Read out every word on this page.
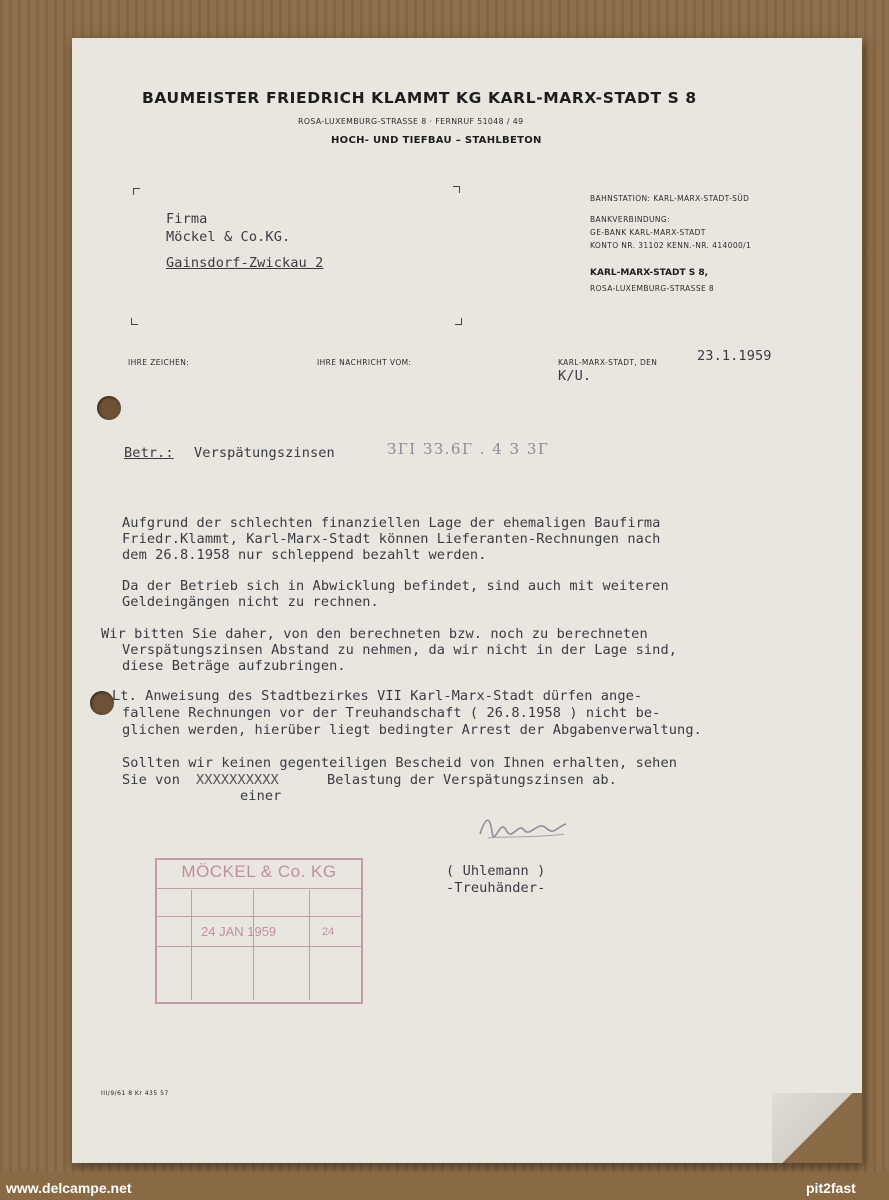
BAUMEISTER FRIEDRICH KLAMMT KG KARL-MARX-STADT S 8
ROSA-LUXEMBURG-STRASSE 8 · FERNRUF 51048 / 49
HOCH- UND TIEFBAU – STAHLBETON
Firma
Möckel & Co.KG.
Gainsdorf-Zwickau 2
BAHNSTATION: KARL-MARX-STADT-SÜD
BANKVERBINDUNG:
GE-BANK KARL-MARX-STADT
KONTO NR. 31102 KENN.-NR. 414000/1
KARL-MARX-STADT S 8,
ROSA-LUXEMBURG-STRASSE 8
IHRE ZEICHEN:	IHRE NACHRICHT VOM:	KARL-MARX-STADT, DEN	23.1.1959
K/U.
Betr.: Verspätungszinsen	ЗГІ ЗЗ.6Г . 4 3 3Г
Aufgrund der schlechten finanziellen Lage der ehemaligen Baufirma
Friedr.Klammt, Karl-Marx-Stadt können Lieferanten-Rechnungen nach
dem 26.8.1958 nur schleppend bezahlt werden.
Da der Betrieb sich in Abwicklung befindet, sind auch mit weiteren
Geldeingängen nicht zu rechnen.
Wir bitten Sie daher, von den berechneten bzw. noch zu berechneten
Verspätungszinsen Abstand zu nehmen, da wir nicht in der Lage sind,
diese Beträge aufzubringen.
Lt. Anweisung des Stadtbezirkes VII Karl-Marx-Stadt dürfen ange-
fallene Rechnungen vor der Treuhandschaft ( 26.8.1958 ) nicht be-
glichen werden, hierüber liegt bedingter Arrest der Abgabenverwaltung.
Sollten wir keinen gegenteiligen Bescheid von Ihnen erhalten, sehen
Sie von XXXXXXXXXX	Belastung der Verspätungszinsen ab.
einer
( Uhlemann )
-Treuhänder-
MÖCKEL & Co. KG
24 JAN 1959	24
III/9/61 8 Kr 435 57
www.delcampe.net	pit2fast
